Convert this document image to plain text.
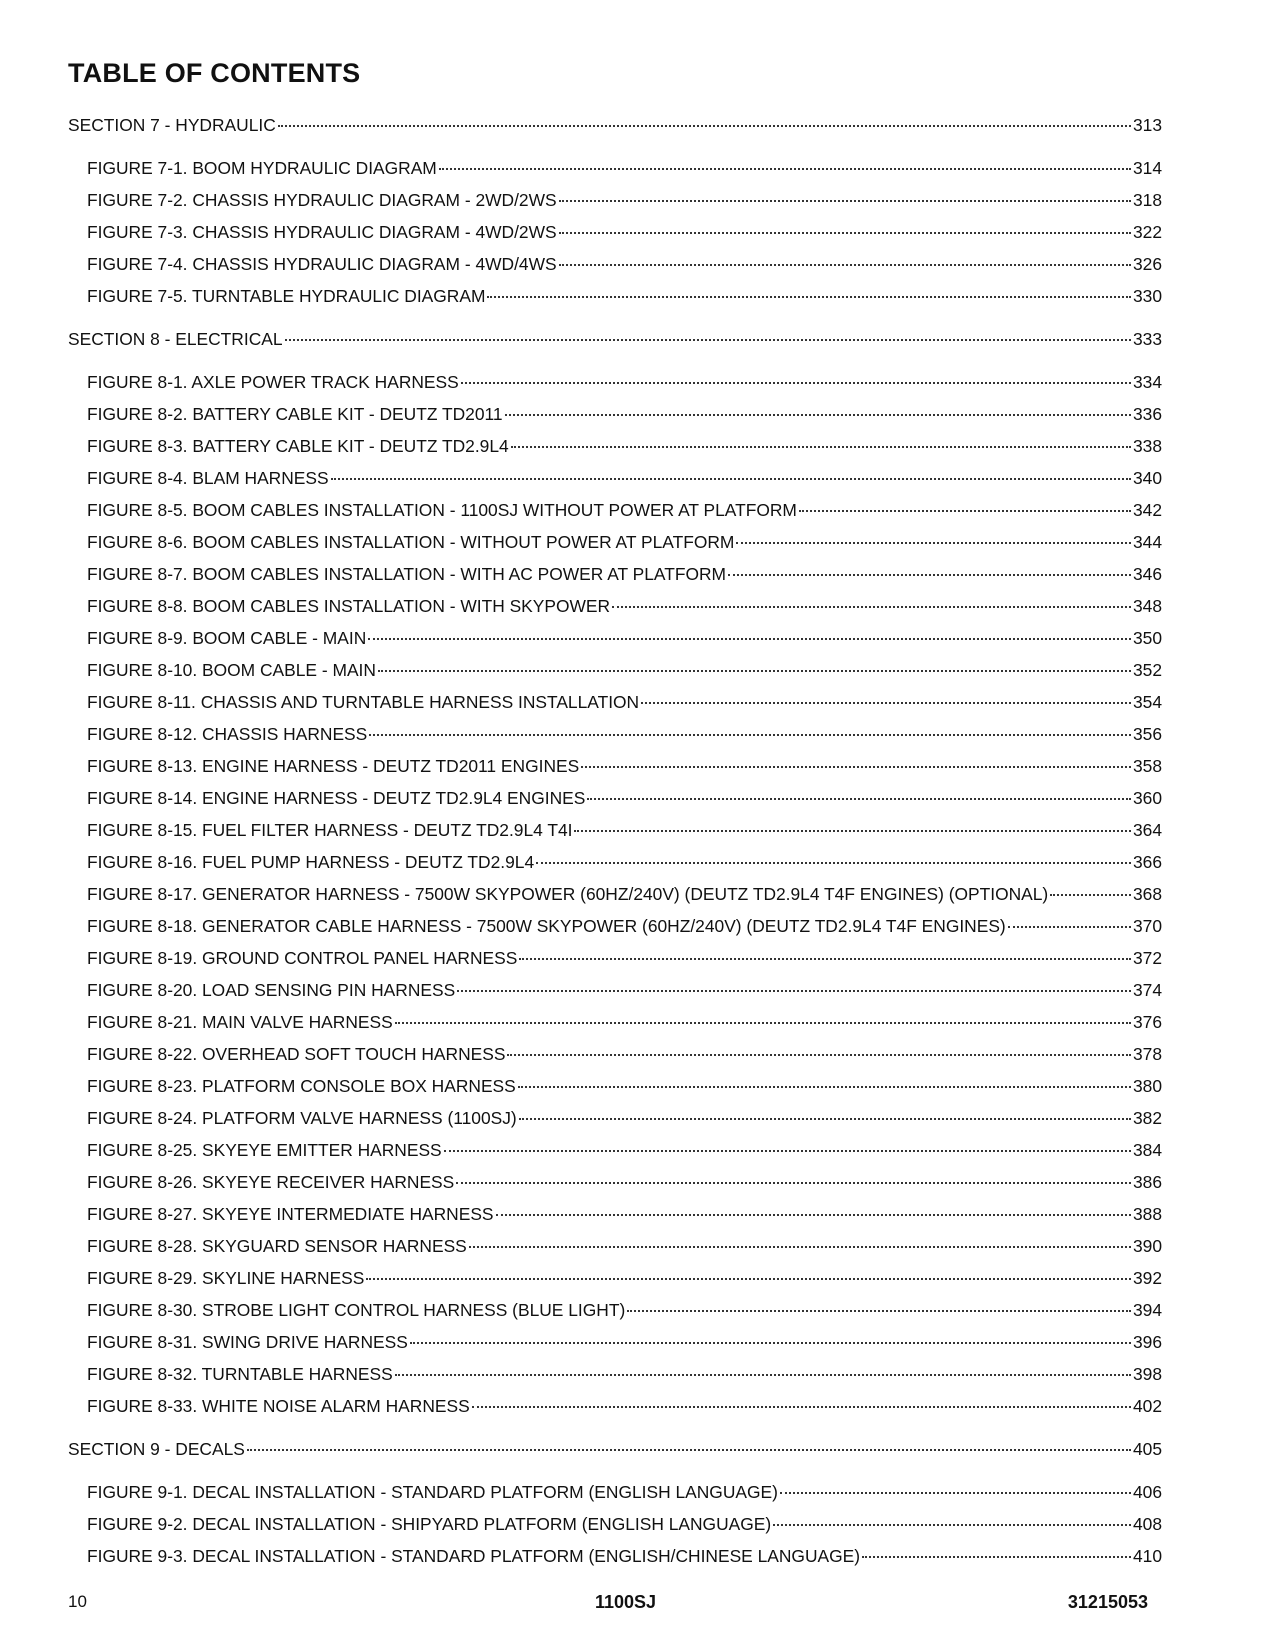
TABLE OF CONTENTS
SECTION 7 - HYDRAULIC	313
FIGURE 7-1. BOOM HYDRAULIC DIAGRAM	314
FIGURE 7-2. CHASSIS HYDRAULIC DIAGRAM - 2WD/2WS	318
FIGURE 7-3. CHASSIS HYDRAULIC DIAGRAM - 4WD/2WS	322
FIGURE 7-4. CHASSIS HYDRAULIC DIAGRAM - 4WD/4WS	326
FIGURE 7-5. TURNTABLE HYDRAULIC DIAGRAM	330
SECTION 8 - ELECTRICAL	333
FIGURE 8-1. AXLE POWER TRACK HARNESS	334
FIGURE 8-2. BATTERY CABLE KIT - DEUTZ TD2011	336
FIGURE 8-3. BATTERY CABLE KIT - DEUTZ TD2.9L4	338
FIGURE 8-4. BLAM HARNESS	340
FIGURE 8-5. BOOM CABLES INSTALLATION - 1100SJ WITHOUT POWER AT PLATFORM	342
FIGURE 8-6. BOOM CABLES INSTALLATION - WITHOUT POWER AT PLATFORM	344
FIGURE 8-7. BOOM CABLES INSTALLATION - WITH AC POWER AT PLATFORM	346
FIGURE 8-8. BOOM CABLES INSTALLATION - WITH SKYPOWER	348
FIGURE 8-9. BOOM CABLE - MAIN	350
FIGURE 8-10. BOOM CABLE - MAIN	352
FIGURE 8-11. CHASSIS AND TURNTABLE HARNESS INSTALLATION	354
FIGURE 8-12. CHASSIS HARNESS	356
FIGURE 8-13. ENGINE HARNESS - DEUTZ TD2011 ENGINES	358
FIGURE 8-14. ENGINE HARNESS - DEUTZ TD2.9L4 ENGINES	360
FIGURE 8-15. FUEL FILTER HARNESS - DEUTZ TD2.9L4 T4I	364
FIGURE 8-16. FUEL PUMP HARNESS - DEUTZ TD2.9L4	366
FIGURE 8-17. GENERATOR HARNESS - 7500W SKYPOWER (60HZ/240V) (DEUTZ TD2.9L4 T4F ENGINES) (OPTIONAL)	368
FIGURE 8-18. GENERATOR CABLE HARNESS - 7500W SKYPOWER (60HZ/240V) (DEUTZ TD2.9L4 T4F ENGINES)	370
FIGURE 8-19. GROUND CONTROL PANEL HARNESS	372
FIGURE 8-20. LOAD SENSING PIN HARNESS	374
FIGURE 8-21. MAIN VALVE HARNESS	376
FIGURE 8-22. OVERHEAD SOFT TOUCH HARNESS	378
FIGURE 8-23. PLATFORM CONSOLE BOX HARNESS	380
FIGURE 8-24. PLATFORM VALVE HARNESS (1100SJ)	382
FIGURE 8-25. SKYEYE EMITTER HARNESS	384
FIGURE 8-26. SKYEYE RECEIVER HARNESS	386
FIGURE 8-27. SKYEYE INTERMEDIATE HARNESS	388
FIGURE 8-28. SKYGUARD SENSOR HARNESS	390
FIGURE 8-29. SKYLINE HARNESS	392
FIGURE 8-30. STROBE LIGHT CONTROL HARNESS (BLUE LIGHT)	394
FIGURE 8-31. SWING DRIVE HARNESS	396
FIGURE 8-32. TURNTABLE HARNESS	398
FIGURE 8-33. WHITE NOISE ALARM HARNESS	402
SECTION 9 - DECALS	405
FIGURE 9-1. DECAL INSTALLATION - STANDARD PLATFORM (ENGLISH LANGUAGE)	406
FIGURE 9-2. DECAL INSTALLATION - SHIPYARD PLATFORM (ENGLISH LANGUAGE)	408
FIGURE 9-3. DECAL INSTALLATION - STANDARD PLATFORM (ENGLISH/CHINESE LANGUAGE)	410
10	1100SJ	31215053
